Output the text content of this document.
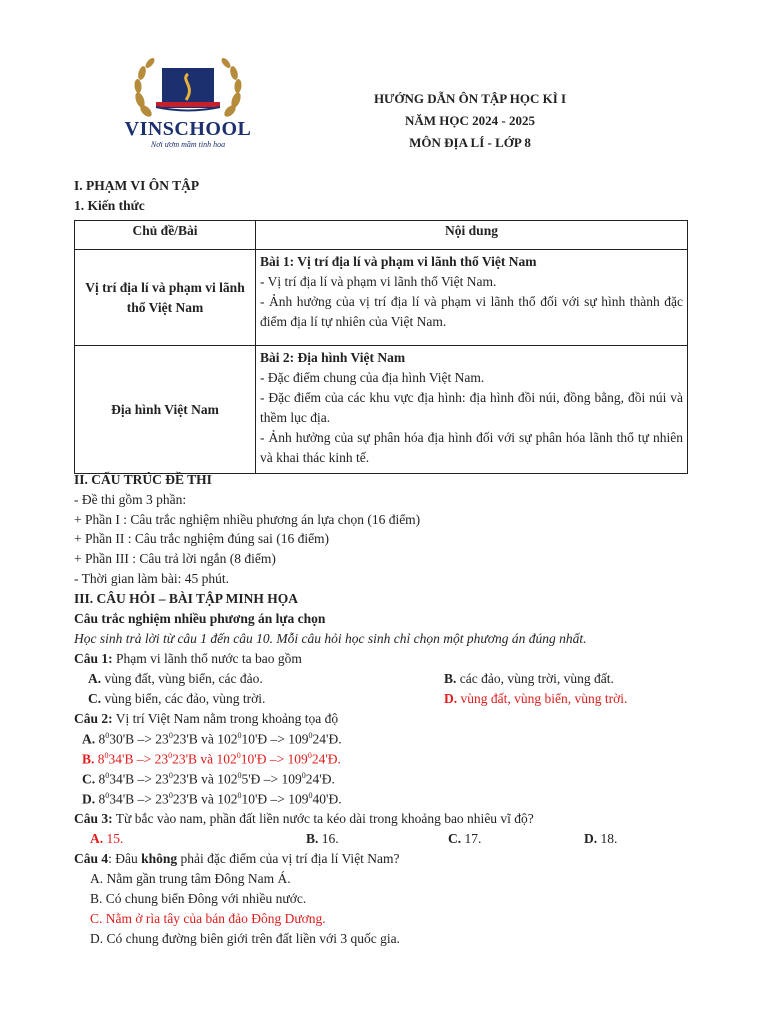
VINSCHOOL
Nơi ươm mầm tinh hoa
HƯỚNG DẪN ÔN TẬP HỌC KÌ I
NĂM HỌC 2024 - 2025
MÔN ĐỊA LÍ - LỚP 8
I. PHẠM VI ÔN TẬP
1. Kiến thức
Chủ đề/Bài	Nội dung
Vị trí địa lí và phạm vi lãnh thổ Việt Nam	Bài 1: Vị trí địa lí và phạm vi lãnh thổ Việt Nam
- Vị trí địa lí và phạm vi lãnh thổ Việt Nam.
- Ảnh hưởng của vị trí địa lí và phạm vi lãnh thổ đối với sự hình thành đặc điểm địa lí tự nhiên của Việt Nam.

Địa hình Việt Nam	Bài 2: Địa hình Việt Nam
- Đặc điểm chung của địa hình Việt Nam.
- Đặc điểm của các khu vực địa hình: địa hình đồi núi, đồng bằng, đồi núi và thềm lục địa.
- Ảnh hưởng của sự phân hóa địa hình đối với sự phân hóa lãnh thổ tự nhiên và khai thác kinh tế.
II. CẤU TRÚC ĐỀ THI
- Đề thi gồm 3 phần:
+ Phần I : Câu trắc nghiệm nhiều phương án lựa chọn (16 điểm)
+ Phần II : Câu trắc nghiệm đúng sai (16 điểm)
+ Phần III : Câu trả lời ngắn (8 điểm)
- Thời gian làm bài: 45 phút.
III. CÂU HỎI – BÀI TẬP MINH HỌA
Câu trắc nghiệm nhiều phương án lựa chọn
Học sinh trả lời từ câu 1 đến câu 10. Mỗi câu hỏi học sinh chỉ chọn một phương án đúng nhất.
Câu 1: Phạm vi lãnh thổ nước ta bao gồm
A. vùng đất, vùng biển, các đảo.	B. các đảo, vùng trời, vùng đất.
C. vùng biển, các đảo, vùng trời.	D. vùng đất, vùng biển, vùng trời.
Câu 2: Vị trí Việt Nam nằm trong khoảng tọa độ
A. $8^030'B -> 23^023'B$ và $102^010'Đ$ –> $109^024'Đ$.
B. $8^034'B -> 23^023'B$ và $102^010'Đ$ –> $109^024'Đ$.
C. $8^034'B -> 23^023'B$ và $102^05'Đ$ –> $109^024'Đ$.
D. $8^034'B -> 23^023'B$ và $102^010'Đ$ –> $109^040'Đ$.
Câu 3: Từ bắc vào nam, phần đất liền nước ta kéo dài trong khoảng bao nhiêu vĩ độ?
A. 15.	B. 16.	C. 17.	D. 18.
Câu 4: Đâu không phải đặc điểm của vị trí địa lí Việt Nam?
A. Nằm gần trung tâm Đông Nam Á.
B. Có chung biển Đông với nhiều nước.
C. Nằm ở rìa tây của bán đảo Đông Dương.
D. Có chung đường biên giới trên đất liền với 3 quốc gia.
